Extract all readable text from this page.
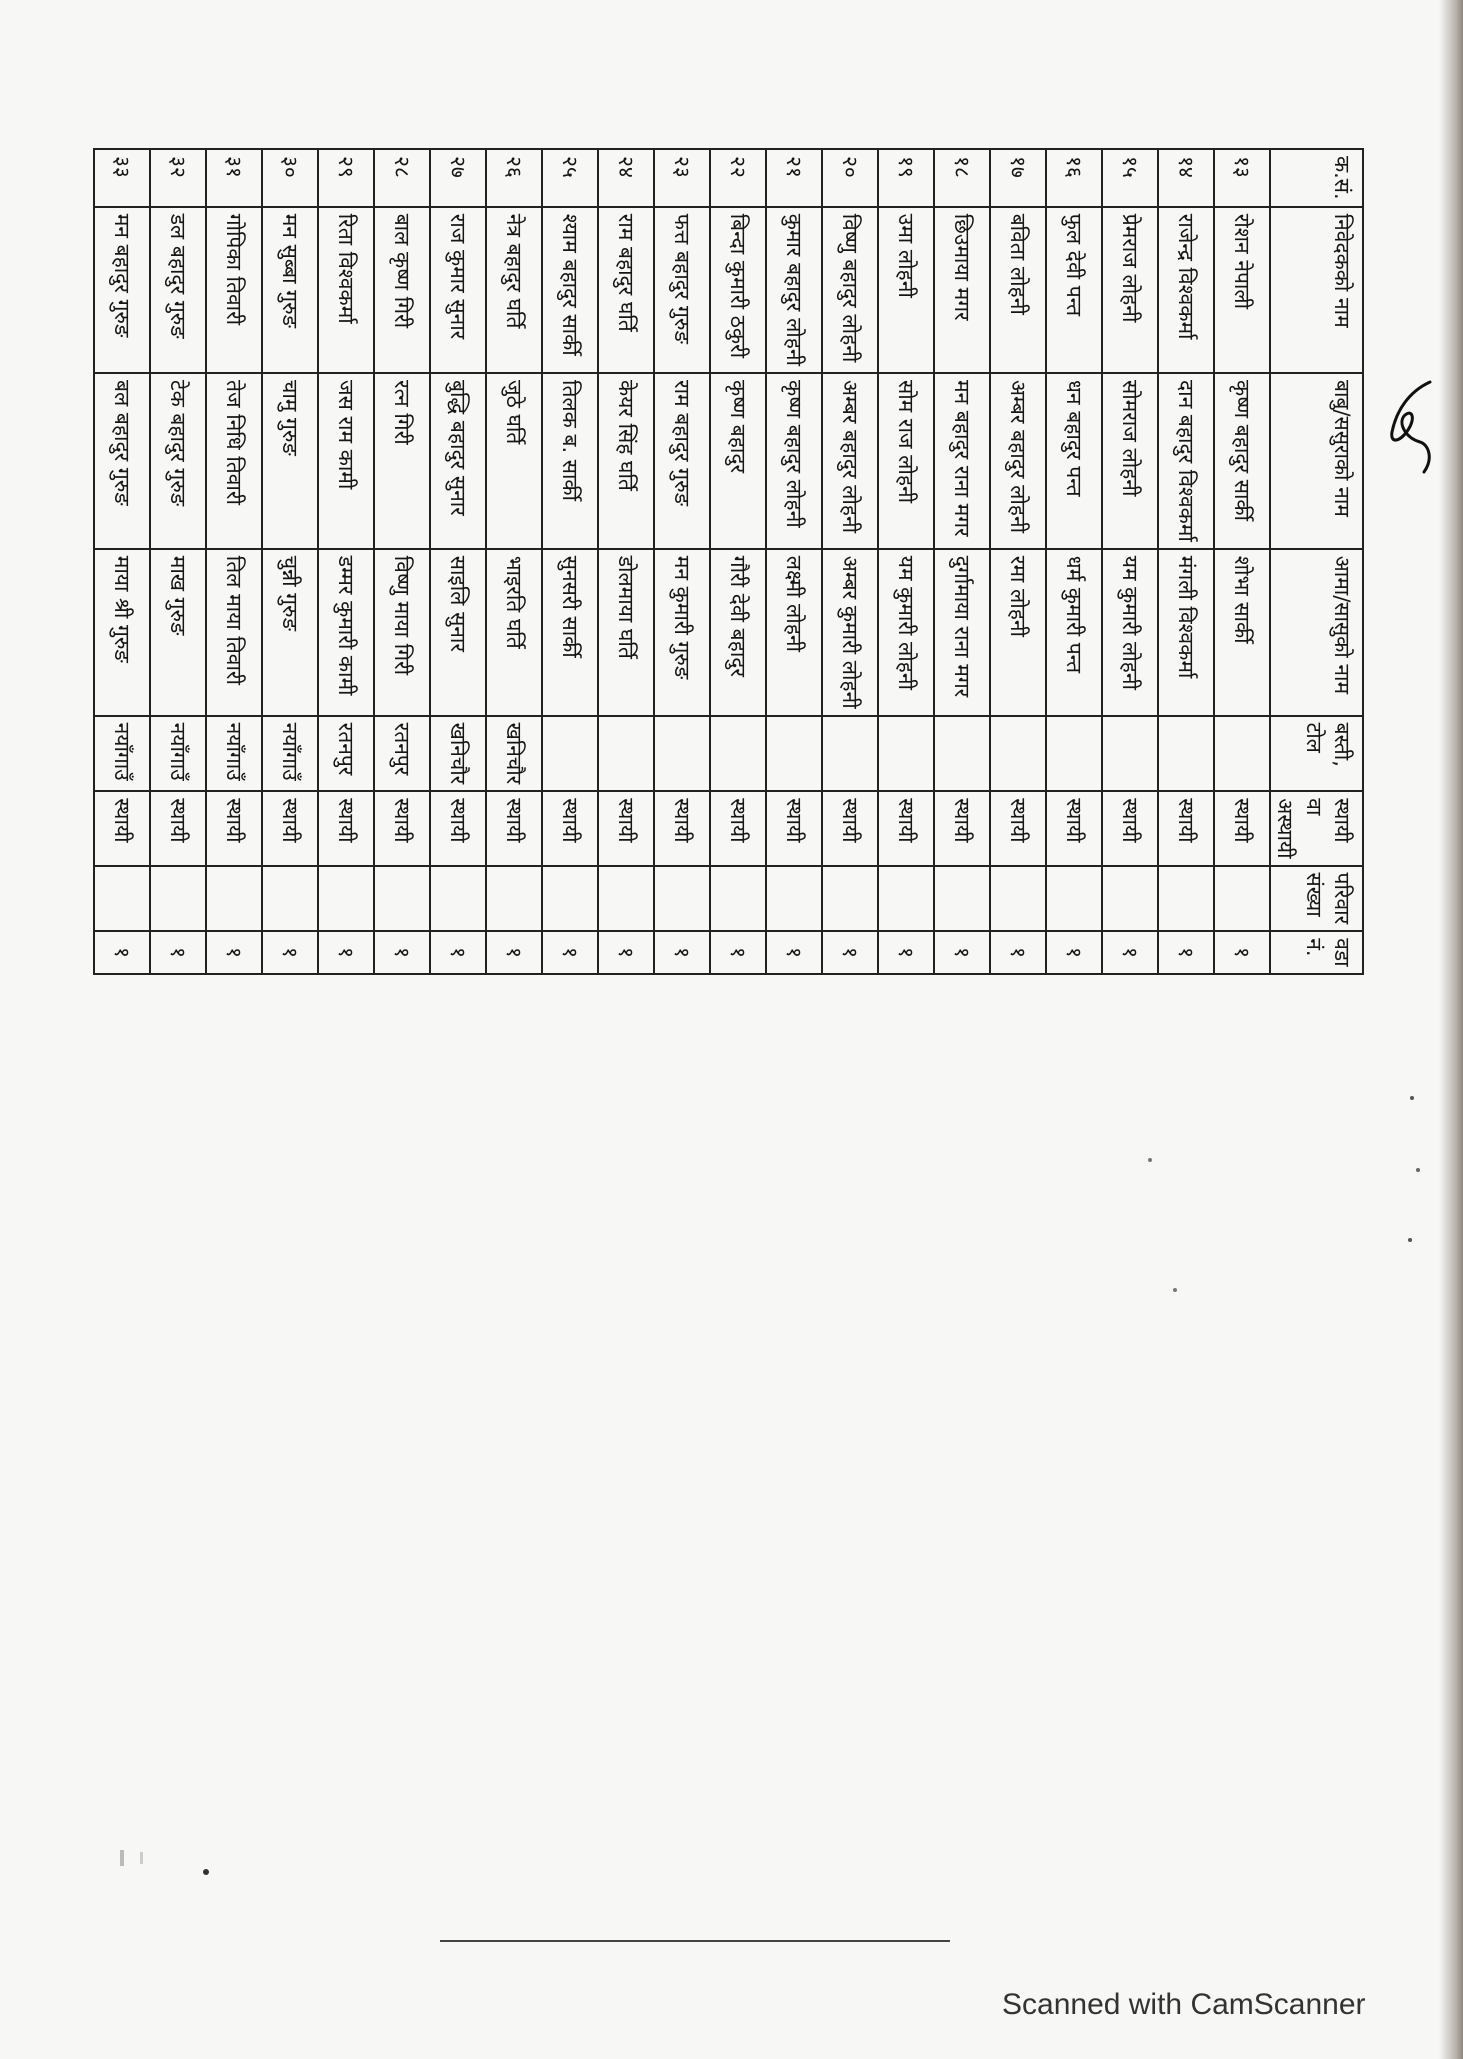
क.सं.	निवेदकको नाम	बाबु/ससुराको नाम	आमा/सासुको नाम	बस्ती, टोल	स्थायी वा अस्थायी	परिवार संख्या	वडा नं.
१३	रोशन नेपाली	कृष्ण बहादुर सार्की	शोभा सार्की		स्थायी		१
१४	राजेन्द्र विश्वकर्मा	दान बहादुर विश्वकर्मा	मंगली विश्वकर्मा		स्थायी		१
१५	प्रेमराज लोहनी	सोमराज लोहनी	यम कुमारी लोहनी		स्थायी		१
१६	फुल देवी पन्त	धन बहादुर पन्त	धर्म कुमारी पन्त		स्थायी		१
१७	बविता लोहनी	अम्बर बहादुर लोहनी	रमा लोहनी		स्थायी		१
१८	छिउमाया मगर	मन बहादुर राना मगर	दुर्गामाया राना मगर		स्थायी		१
१९	उमा लोहनी	सोम राज लोहनी	यम कुमारी लोहनी		स्थायी		१
२०	विष्णु बहादुर लोहनी	अम्बर बहादुर लोहनी	अम्बर कुमारी लोहनी		स्थायी		१
२१	कुमार बहादुर लोहनी	कृष्ण बहादुर लोहनी	लक्ष्मी लोहनी		स्थायी		१
२२	बिन्दा कुमारी ठकुरी	कृष्ण बहादुर	गौरी देवी बहादुर		स्थायी		१
२३	फत्त बहादुर गुरुङ	राम बहादुर गुरुङ	मन कुमारी गुरुङ		स्थायी		१
२४	राम बहादुर घर्ति	केयर सिंह घर्ति	डोलमाया घर्ति		स्थायी		१
२५	श्याम बहादुर सार्की	तिलक ब. सार्की	सुनसरी सार्की		स्थायी		१
२६	नेत्र बहादुर घर्ति	जुठे घर्ति	भाइरति घर्ति	खनिचौर	स्थायी		१
२७	राज कुमार सुनार	बुद्धि बहादुर सुनार	साइलि सुनार	खनिचौर	स्थायी		१
२८	बाल कृष्ण गिरी	रत्न गिरी	विष्णु माया गिरी	रतनपुर	स्थायी		१
२९	रिता विश्वकर्मा	जस राम कामी	डम्मर कुमारी कामी	रतनपुर	स्थायी		१
३०	मन सुब्बा गुरुङ	चामु गुरुङ	चुन्नी गुरुङ	नयाँगाउँ	स्थायी		१
३१	गोपिका तिवारी	तेज निधि तिवारी	तिल माया तिवारी	नयाँगाउँ	स्थायी		१
३२	डल बहादुर गुरुङ	टेक बहादुर गुरुङ	माख गुरुङ	नयाँगाउँ	स्थायी		१
३३	मन बहादुर गुरुङ	बल बहादुर गुरुङ	माया श्री गुरुङ	नयाँगाउँ	स्थायी		१
Scanned with CamScanner
